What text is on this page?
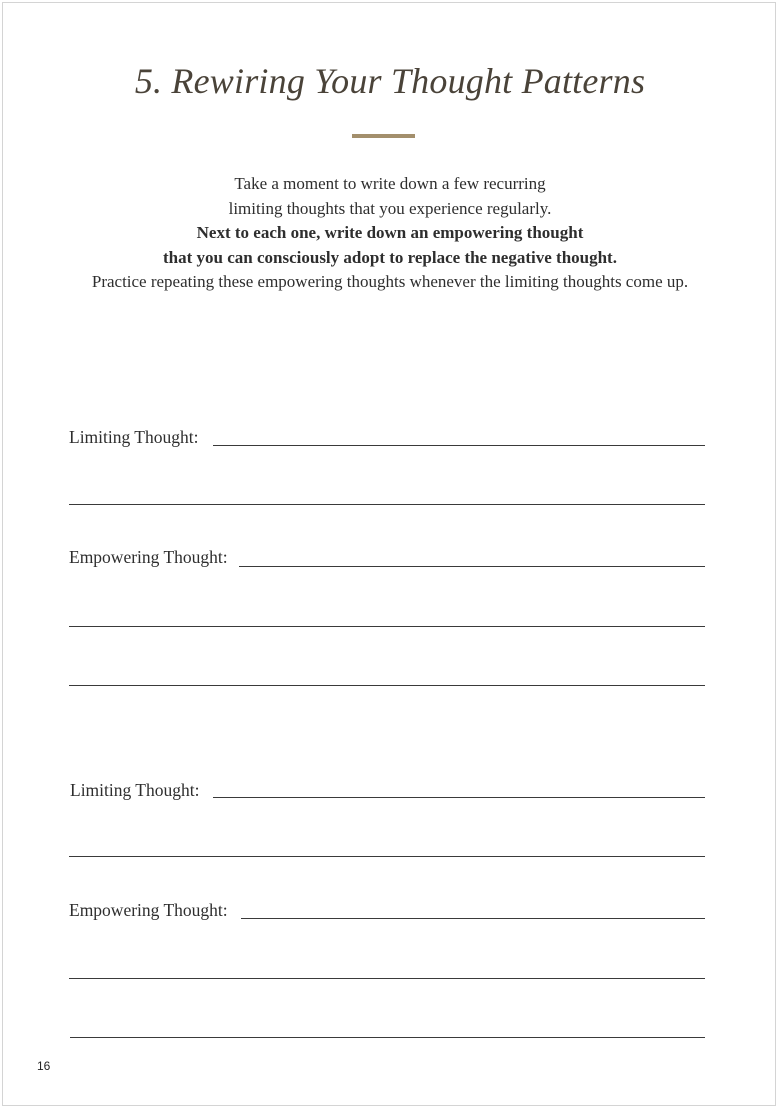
5. Rewiring Your Thought Patterns
Take a moment to write down a few recurring
limiting thoughts that you experience regularly.
Next to each one, write down an empowering thought
that you can consciously adopt to replace the negative thought.
Practice repeating these empowering thoughts whenever the limiting thoughts come up.
Limiting Thought:
Empowering Thought:
Limiting Thought:
Empowering Thought:
16
